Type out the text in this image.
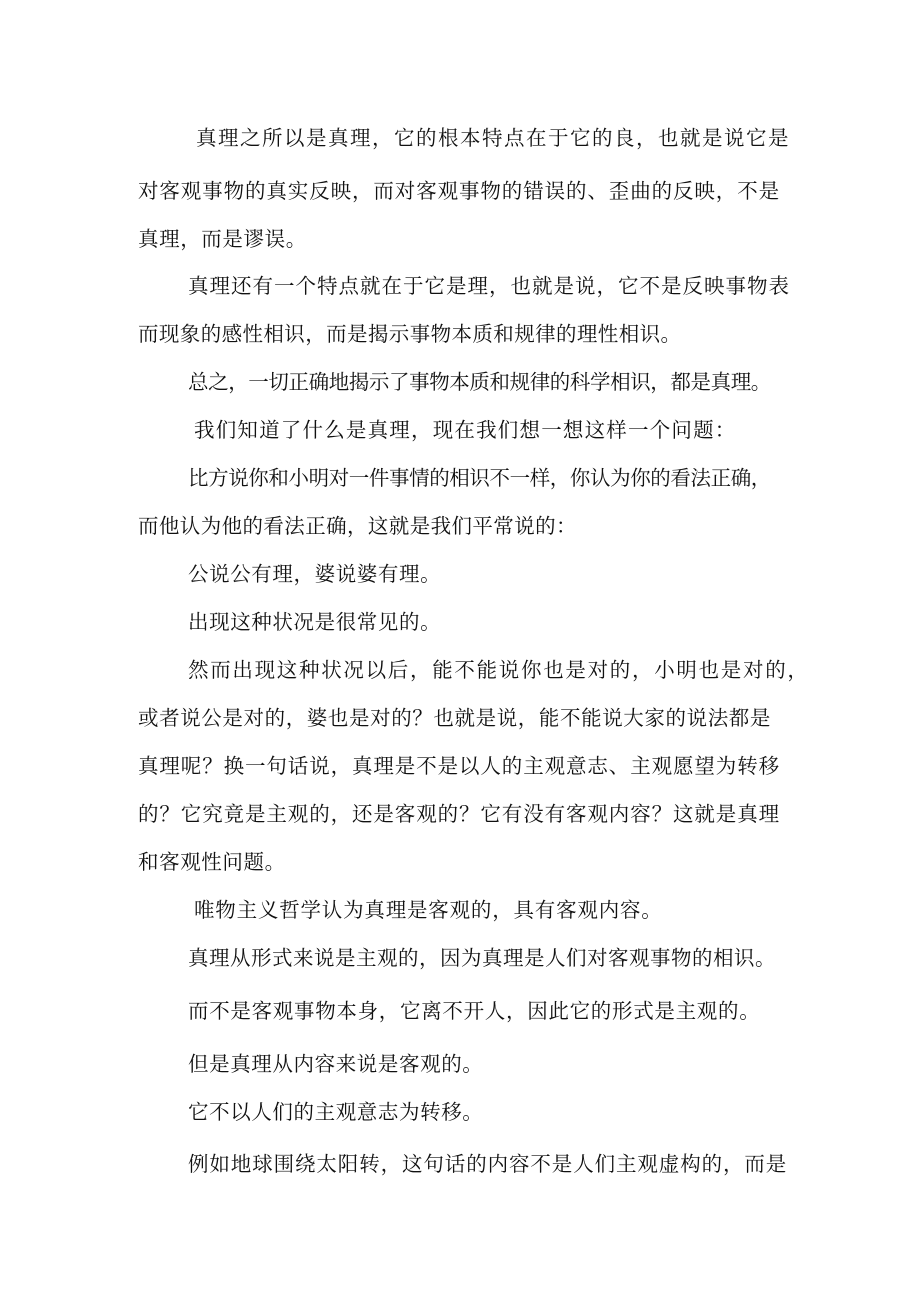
真理之所以是真理，它的根本特点在于它的良，也就是说它是

对客观事物的真实反映，而对客观事物的错误的、歪曲的反映，不是

真理，而是谬误。

真理还有一个特点就在于它是理，也就是说，它不是反映事物表

而现象的感性相识，而是揭示事物本质和规律的理性相识。

总之，一切正确地揭示了事物本质和规律的科学相识，都是真理。

我们知道了什么是真理，现在我们想一想这样一个问题：

比方说你和小明对一件事情的相识不一样，你认为你的看法正确，

而他认为他的看法正确，这就是我们平常说的：

公说公有理，婆说婆有理。

出现这种状况是很常见的。

然而出现这种状况以后，能不能说你也是对的，小明也是对的，

或者说公是对的，婆也是对的？也就是说，能不能说大家的说法都是

真理呢？换一句话说，真理是不是以人的主观意志、主观愿望为转移

的？它究竟是主观的，还是客观的？它有没有客观内容？这就是真理

和客观性问题。

唯物主义哲学认为真理是客观的，具有客观内容。

真理从形式来说是主观的，因为真理是人们对客观事物的相识。

而不是客观事物本身，它离不开人，因此它的形式是主观的。

但是真理从内容来说是客观的。

它不以人们的主观意志为转移。

例如地球围绕太阳转，这句话的内容不是人们主观虚构的，而是
